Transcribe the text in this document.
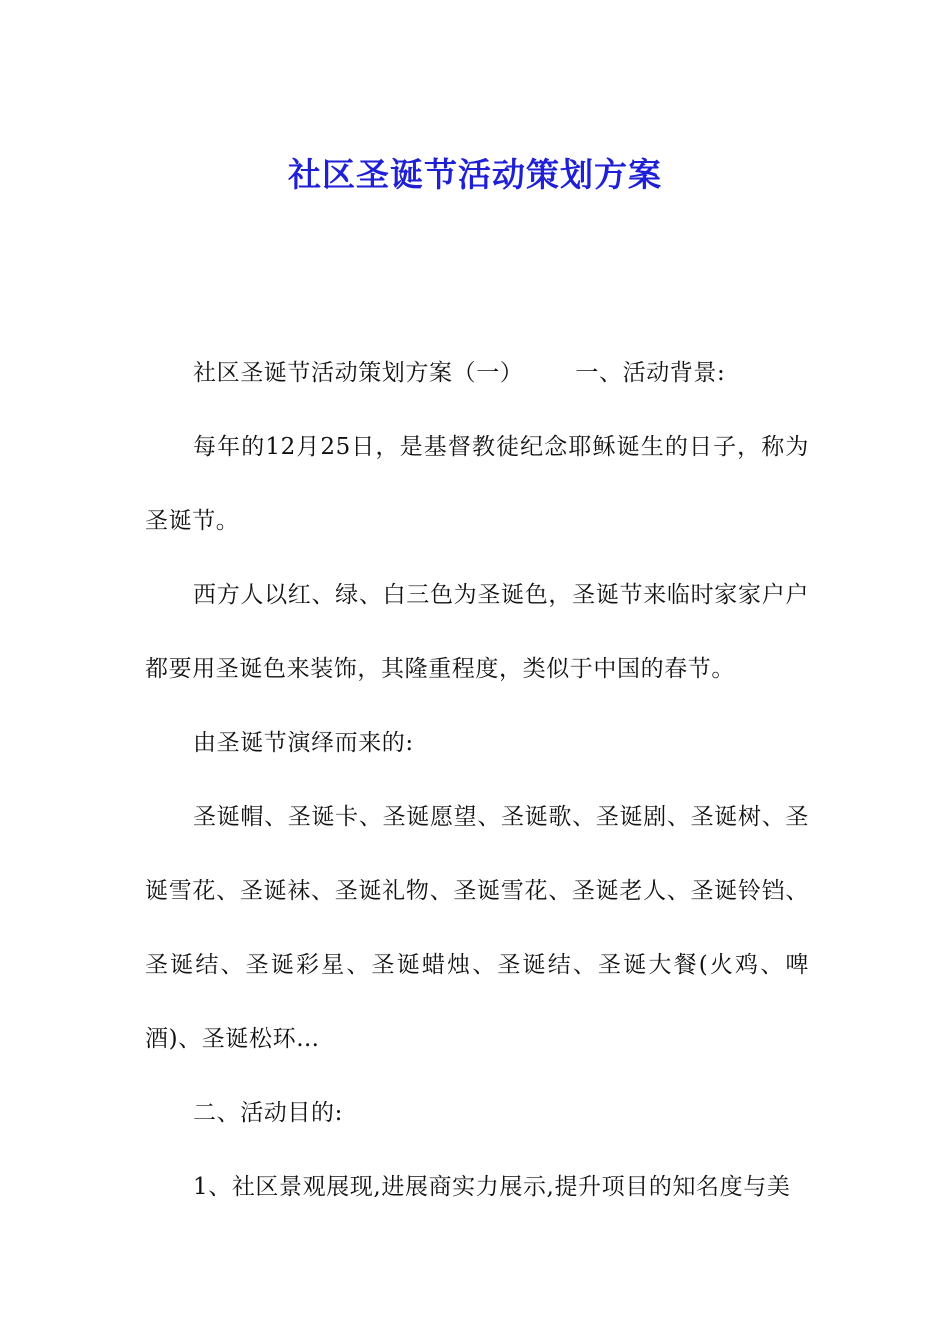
社区圣诞节活动策划方案

社区圣诞节活动策划方案（一） 一、活动背景:

每年的12月25日，是基督教徒纪念耶稣诞生的日子，称为圣诞节。

西方人以红、绿、白三色为圣诞色，圣诞节来临时家家户户都要用圣诞色来装饰，其隆重程度，类似于中国的春节。

由圣诞节演绎而来的:

圣诞帽、圣诞卡、圣诞愿望、圣诞歌、圣诞剧、圣诞树、圣诞雪花、圣诞袜、圣诞礼物、圣诞雪花、圣诞老人、圣诞铃铛、圣诞结、圣诞彩星、圣诞蜡烛、圣诞结、圣诞大餐(火鸡、啤酒)、圣诞松环…

二、活动目的:

1、社区景观展现,进展商实力展示,提升项目的知名度与美
